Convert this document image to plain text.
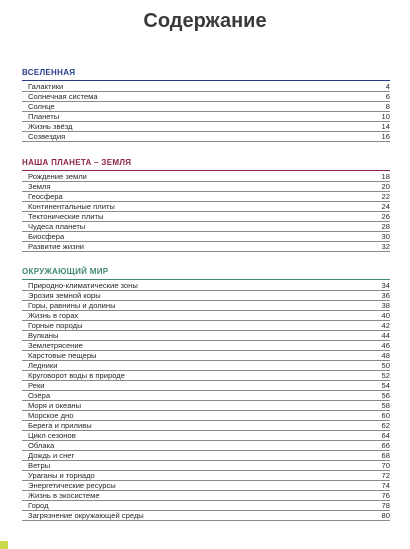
Содержание
ВСЕЛЕННАЯ
Галактики	4
Солнечная система	6
Солнце	8
Планеты	10
Жизнь звёзд	14
Созвездия	16
НАША ПЛАНЕТА – ЗЕМЛЯ
Рождение земли	18
Земля	20
Геосфера	22
Континентальные плиты	24
Тектонические плиты	26
Чудеса планеты	28
Биосфера	30
Развитие жизни	32
ОКРУЖАЮЩИЙ МИР
Природно-климатические зоны	34
Эрозия земной коры	36
Горы, равнины и долины	38
Жизнь в горах	40
Горные породы	42
Вулканы	44
Землетрясение	46
Карстовые пещеры	48
Ледники	50
Круговорот воды в природе	52
Реки	54
Озёра	56
Моря и океаны	58
Морское дно	60
Берега и приливы	62
Цикл сезонов	64
Облака	66
Дождь и снег	68
Ветры	70
Ураганы и торнадо	72
Энергетические ресурсы	74
Жизнь в экосистеме	76
Город	78
Загрязнение окружающей среды	80
